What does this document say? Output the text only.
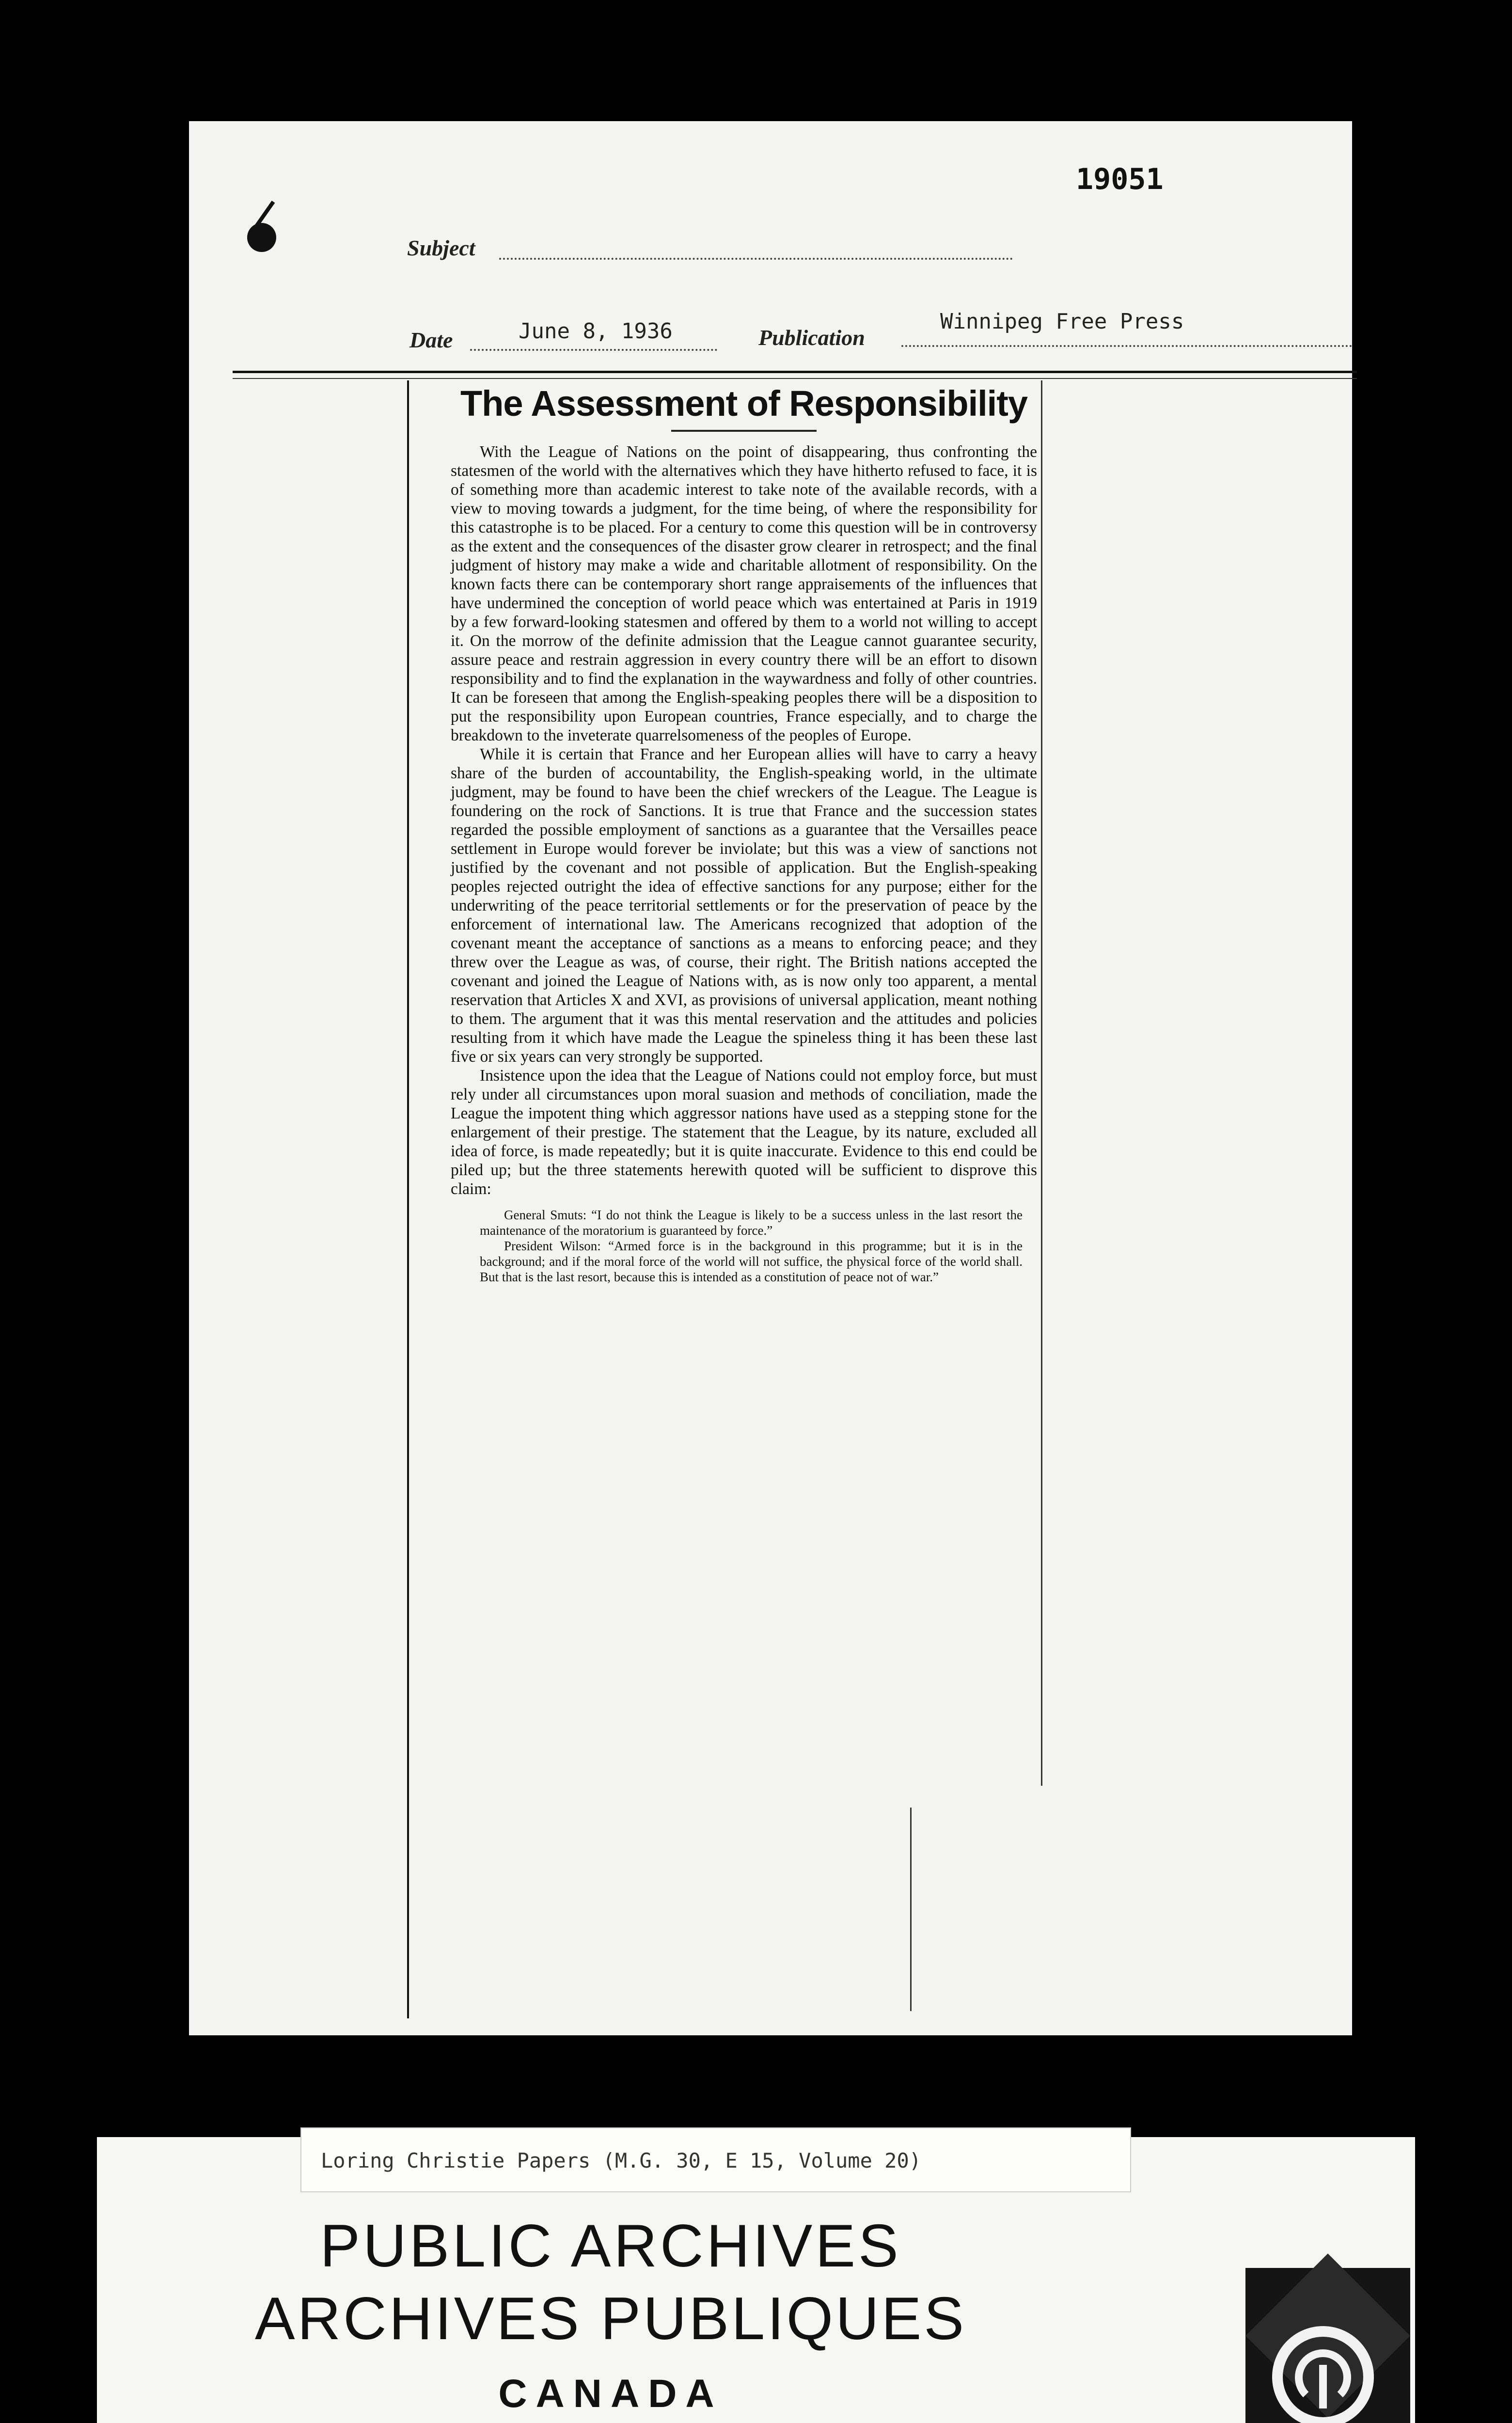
19051
Subject
Date	June 8, 1936	Publication
Winnipeg Free Press
The Assessment of Responsibility

With the League of Nations on the point of disappearing, thus confronting the statesmen of the world with the alternatives which they have hitherto refused to face, it is of something more than academic interest to take note of the available records, with a view to moving towards a judgment, for the time being, of where the responsibility for this catastrophe is to be placed. For a century to come this question will be in controversy as the extent and the consequences of the disaster grow clearer in retrospect; and the final judgment of history may make a wide and charitable allotment of responsibility. On the known facts there can be contemporary short range appraisements of the influences that have undermined the conception of world peace which was entertained at Paris in 1919 by a few forward-looking statesmen and offered by them to a world not willing to accept it. On the morrow of the definite admission that the League cannot guarantee security, assure peace and restrain aggression in every country there will be an effort to disown responsibility and to find the explanation in the waywardness and folly of other countries. It can be foreseen that among the English-speaking peoples there will be a disposition to put the responsibility upon European countries, France especially, and to charge the breakdown to the inveterate quarrelsomeness of the peoples of Europe.

While it is certain that France and her European allies will have to carry a heavy share of the burden of accountability, the English-speaking world, in the ultimate judgment, may be found to have been the chief wreckers of the League. The League is foundering on the rock of Sanctions. It is true that France and the succession states regarded the possible employment of sanctions as a guarantee that the Versailles peace settlement in Europe would forever be inviolate; but this was a view of sanctions not justified by the covenant and not possible of application. But the English-speaking peoples rejected outright the idea of effective sanctions for any purpose; either for the underwriting of the peace territorial settlements or for the preservation of peace by the enforcement of international law. The Americans recognized that adoption of the covenant meant the acceptance of sanctions as a means to enforcing peace; and they threw over the League as was, of course, their right. The British nations accepted the covenant and joined the League of Nations with, as is now only too apparent, a mental reservation that Articles X and XVI, as provisions of universal application, meant nothing to them. The argument that it was this mental reservation and the attitudes and policies resulting from it which have made the League the spineless thing it has been these last five or six years can very strongly be supported.

Insistence upon the idea that the League of Nations could not employ force, but must rely under all circumstances upon moral suasion and methods of conciliation, made the League the impotent thing which aggressor nations have used as a stepping stone for the enlargement of their prestige. The statement that the League, by its nature, excluded all idea of force, is made repeatedly; but it is quite inaccurate. Evidence to this end could be piled up; but the three statements herewith quoted will be sufficient to disprove this claim:

General Smuts: “I do not think the League is likely to be a success unless in the last resort the maintenance of the moratorium is guaranteed by force.”

President Wilson: “Armed force is in the background in this programme; but it is in the background; and if the moral force of the world will not suffice, the physical force of the world shall. But that is the last resort, because this is intended as a constitution of peace not of war.”

Loring Christie Papers (M.G. 30, E 15, Volume 20)
PUBLIC ARCHIVES
ARCHIVES PUBLIQUES
CANADA
